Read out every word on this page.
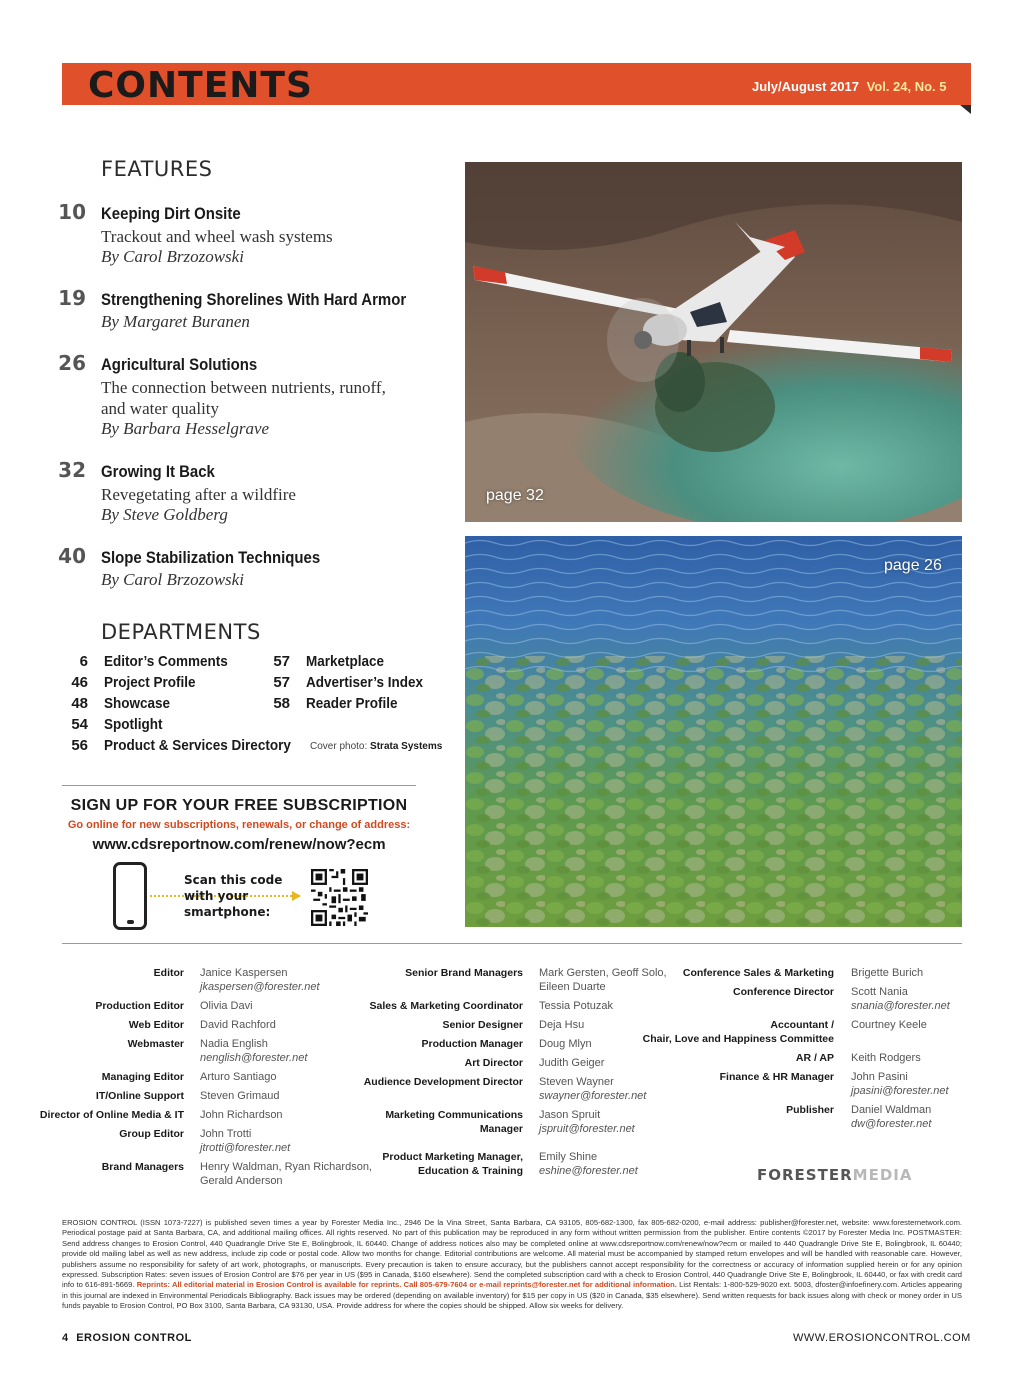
CONTENTS	July/August 2017 Vol. 24, No. 5
FEATURES
10 Keeping Dirt Onsite
Trackout and wheel wash systems
By Carol Brzozowski
19 Strengthening Shorelines With Hard Armor
By Margaret Buranen
26 Agricultural Solutions
The connection between nutrients, runoff,
and water quality
By Barbara Hesselgrave
32 Growing It Back
Revegetating after a wildfire
By Steve Goldberg
40 Slope Stabilization Techniques
By Carol Brzozowski
DEPARTMENTS
6 Editor’s Comments
46 Project Profile
48 Showcase
54 Spotlight
56 Product & Services Directory
57 Marketplace
57 Advertiser’s Index
58 Reader Profile
Cover photo: Strata Systems
SIGN UP FOR YOUR FREE SUBSCRIPTION
Go online for new subscriptions, renewals, or change of address:
www.cdsreportnow.com/renew/now?ecm
Scan this code
with your
smartphone:
page 32
page 26
Editor Janice Kaspersen
jkaspersen@forester.net
Production Editor Olivia Davi
Web Editor David Rachford
Webmaster Nadia English
nenglish@forester.net
Managing Editor Arturo Santiago
IT/Online Support Steven Grimaud
Director of Online Media & IT John Richardson
Group Editor John Trotti
jtrotti@forester.net
Brand Managers Henry Waldman, Ryan Richardson,
Gerald Anderson
Senior Brand Managers Mark Gersten, Geoff Solo,
Eileen Duarte
Sales & Marketing Coordinator Tessia Potuzak
Senior Designer Deja Hsu
Production Manager Doug Mlyn
Art Director Judith Geiger
Audience Development Director Steven Wayner
swayner@forester.net
Marketing Communications
Manager
Jason Spruit
jspruit@forester.net
Product Marketing Manager,
Education & Training
Emily Shine
eshine@forester.net
Conference Sales & Marketing Brigette Burich
Conference Director Scott Nania
snania@forester.net
Accountant /
Chair, Love and Happiness Committee
Courtney Keele
AR / AP Keith Rodgers
Finance & HR Manager John Pasini
jpasini@forester.net
Publisher Daniel Waldman
dw@forester.net
FORESTERMEDIA
EROSION CONTROL (ISSN 1073-7227) is published seven times a year by Forester Media Inc., 2946 De la Vina Street, Santa Barbara, CA 93105, 805-682-1300, fax 805-682-0200, e-mail address: publisher@forester.net, website: www.foresternetwork.com. Periodical postage paid at Santa Barbara, CA, and additional mailing offices. All rights reserved. No part of this publication may be reproduced in any form without written permission from the publisher. Entire contents ©2017 by Forester Media Inc. POSTMASTER: Send address changes to Erosion Control, 440 Quadrangle Drive Ste E, Bolingbrook, IL 60440. Change of address notices also may be completed online at www.cdsreportnow.com/renew/now?ecm or mailed to 440 Quadrangle Drive Ste E, Bolingbrook, IL 60440; provide old mailing label as well as new address, include zip code or postal code. Allow two months for change. Editorial contributions are welcome. All material must be accompanied by stamped return envelopes and will be handled with reasonable care. However, publishers assume no responsibility for safety of art work, photographs, or manuscripts. Every precaution is taken to ensure accuracy, but the publishers cannot accept responsibility for the correctness or accuracy of information supplied herein or for any opinion expressed. Subscription Rates: seven issues of Erosion Control are $76 per year in US ($95 in Canada, $160 elsewhere). Send the completed subscription card with a check to Erosion Control, 440 Quadrangle Drive Ste E, Bolingbrook, IL 60440, or fax with credit card info to 616-891-5669. Reprints: All editorial material in Erosion Control is available for reprints. Call 805-679-7604 or e-mail reprints@forester.net for additional information. List Rentals: 1-800-529-9020 ext. 5003, dfoster@infoefinery.com. Articles appearing in this journal are indexed in Environmental Periodicals Bibliography. Back issues may be ordered (depending on available inventory) for $15 per copy in US ($20 in Canada, $35 elsewhere). Send written requests for back issues along with check or money order in US funds payable to Erosion Control, PO Box 3100, Santa Barbara, CA 93130, USA. Provide address for where the copies should be shipped. Allow six weeks for delivery.
4 EROSION CONTROL	WWW.EROSIONCONTROL.COM
